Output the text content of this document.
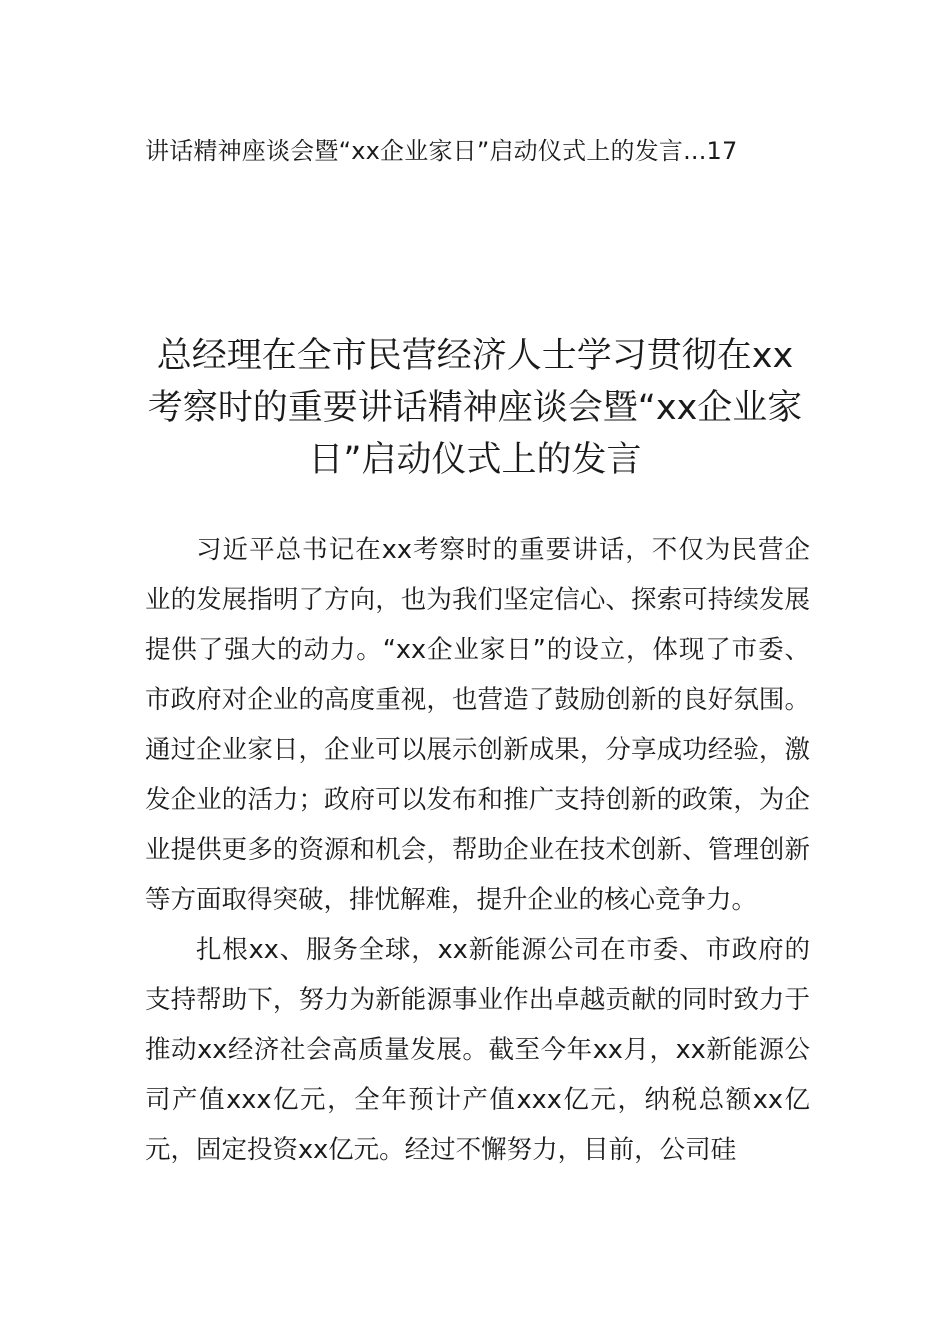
讲话精神座谈会暨“xx企业家日”启动仪式上的发言...17
总经理在全市民营经济人士学习贯彻在xx考察时的重要讲话精神座谈会暨“xx企业家日”启动仪式上的发言

习近平总书记在xx考察时的重要讲话，不仅为民营企业的发展指明了方向，也为我们坚定信心、探索可持续发展提供了强大的动力。“xx企业家日”的设立，体现了市委、市政府对企业的高度重视，也营造了鼓励创新的良好氛围。通过企业家日，企业可以展示创新成果，分享成功经验，激发企业的活力；政府可以发布和推广支持创新的政策，为企业提供更多的资源和机会，帮助企业在技术创新、管理创新等方面取得突破，排忧解难，提升企业的核心竞争力。

扎根xx、服务全球，xx新能源公司在市委、市政府的支持帮助下，努力为新能源事业作出卓越贡献的同时致力于推动xx经济社会高质量发展。截至今年xx月，xx新能源公司产值xxx亿元，全年预计产值xxx亿元，纳税总额xx亿元，固定投资xx亿元。经过不懈努力，目前，公司硅
